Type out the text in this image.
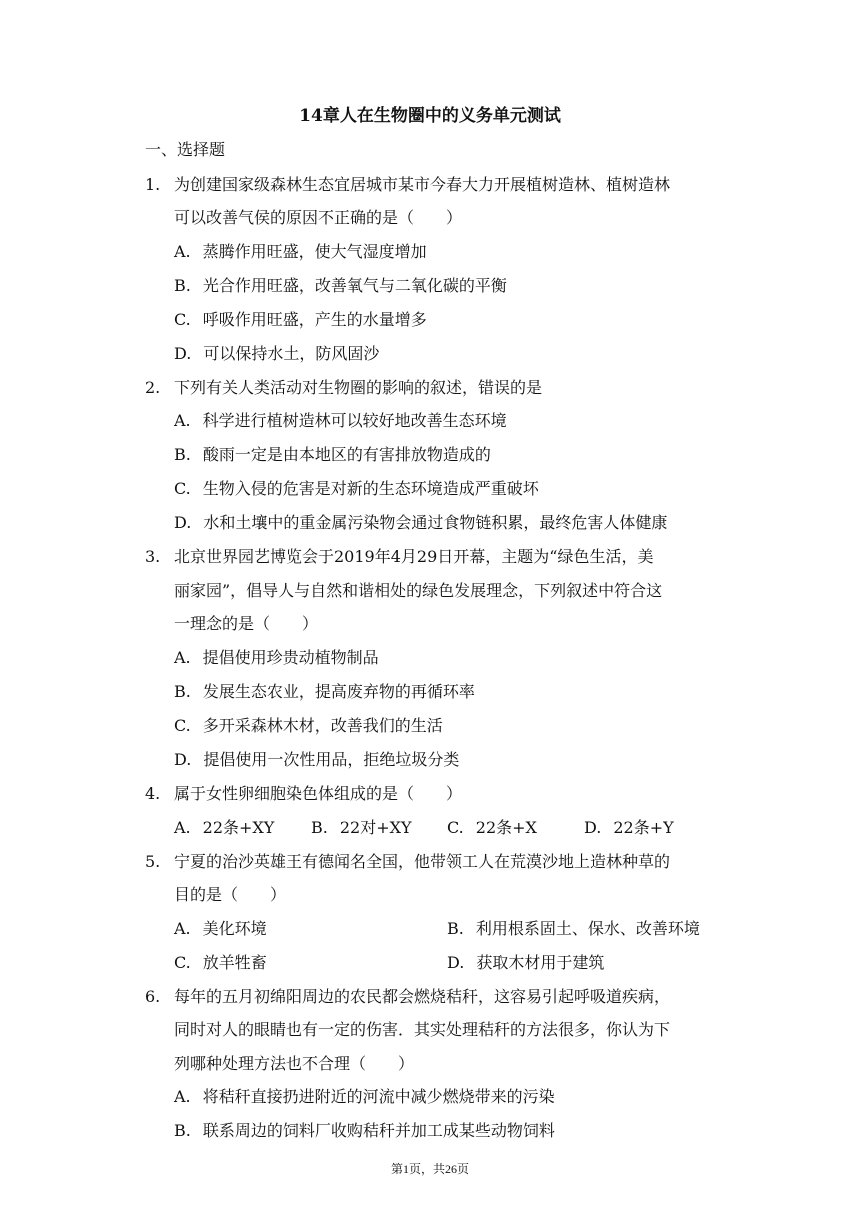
14章人在生物圈中的义务单元测试
一、选择题
1. 为创建国家级森林生态宜居城市某市今春大力开展植树造林、植树造林
可以改善气侯的原因不正确的是（　　）
A. 蒸腾作用旺盛，使大气湿度增加
B. 光合作用旺盛，改善氧气与二氧化碳的平衡
C. 呼吸作用旺盛，产生的水量增多
D. 可以保持水土，防风固沙
2. 下列有关人类活动对生物圈的影响的叙述，错误的是
A. 科学进行植树造林可以较好地改善生态环境
B. 酸雨一定是由本地区的有害排放物造成的
C. 生物入侵的危害是对新的生态环境造成严重破坏
D. 水和土壤中的重金属污染物会通过食物链积累，最终危害人体健康
3. 北京世界园艺博览会于2019年4月29日开幕，主题为“绿色生活，美
丽家园”，倡导人与自然和谐相处的绿色发展理念，下列叙述中符合这
一理念的是（　　）
A. 提倡使用珍贵动植物制品
B. 发展生态农业，提高废弃物的再循环率
C. 多开采森林木材，改善我们的生活
D. 提倡使用一次性用品，拒绝垃圾分类
4. 属于女性卵细胞染色体组成的是（　　）
A. 22条+XY B. 22对+XY C. 22条+X	D. 22条+Y
5. 宁夏的治沙英雄王有德闻名全国，他带领工人在荒漠沙地上造林种草的
目的是（　　）
A. 美化环境	B. 利用根系固土、保水、改善环境
C. 放羊牲畜	D. 获取木材用于建筑
6. 每年的五月初绵阳周边的农民都会燃烧秸秆，这容易引起呼吸道疾病，
同时对人的眼睛也有一定的伤害．其实处理秸秆的方法很多，你认为下
列哪种处理方法也不合理（　　）
A. 将秸秆直接扔进附近的河流中减少燃烧带来的污染
B. 联系周边的饲料厂收购秸秆并加工成某些动物饲料
第1页，共26页
